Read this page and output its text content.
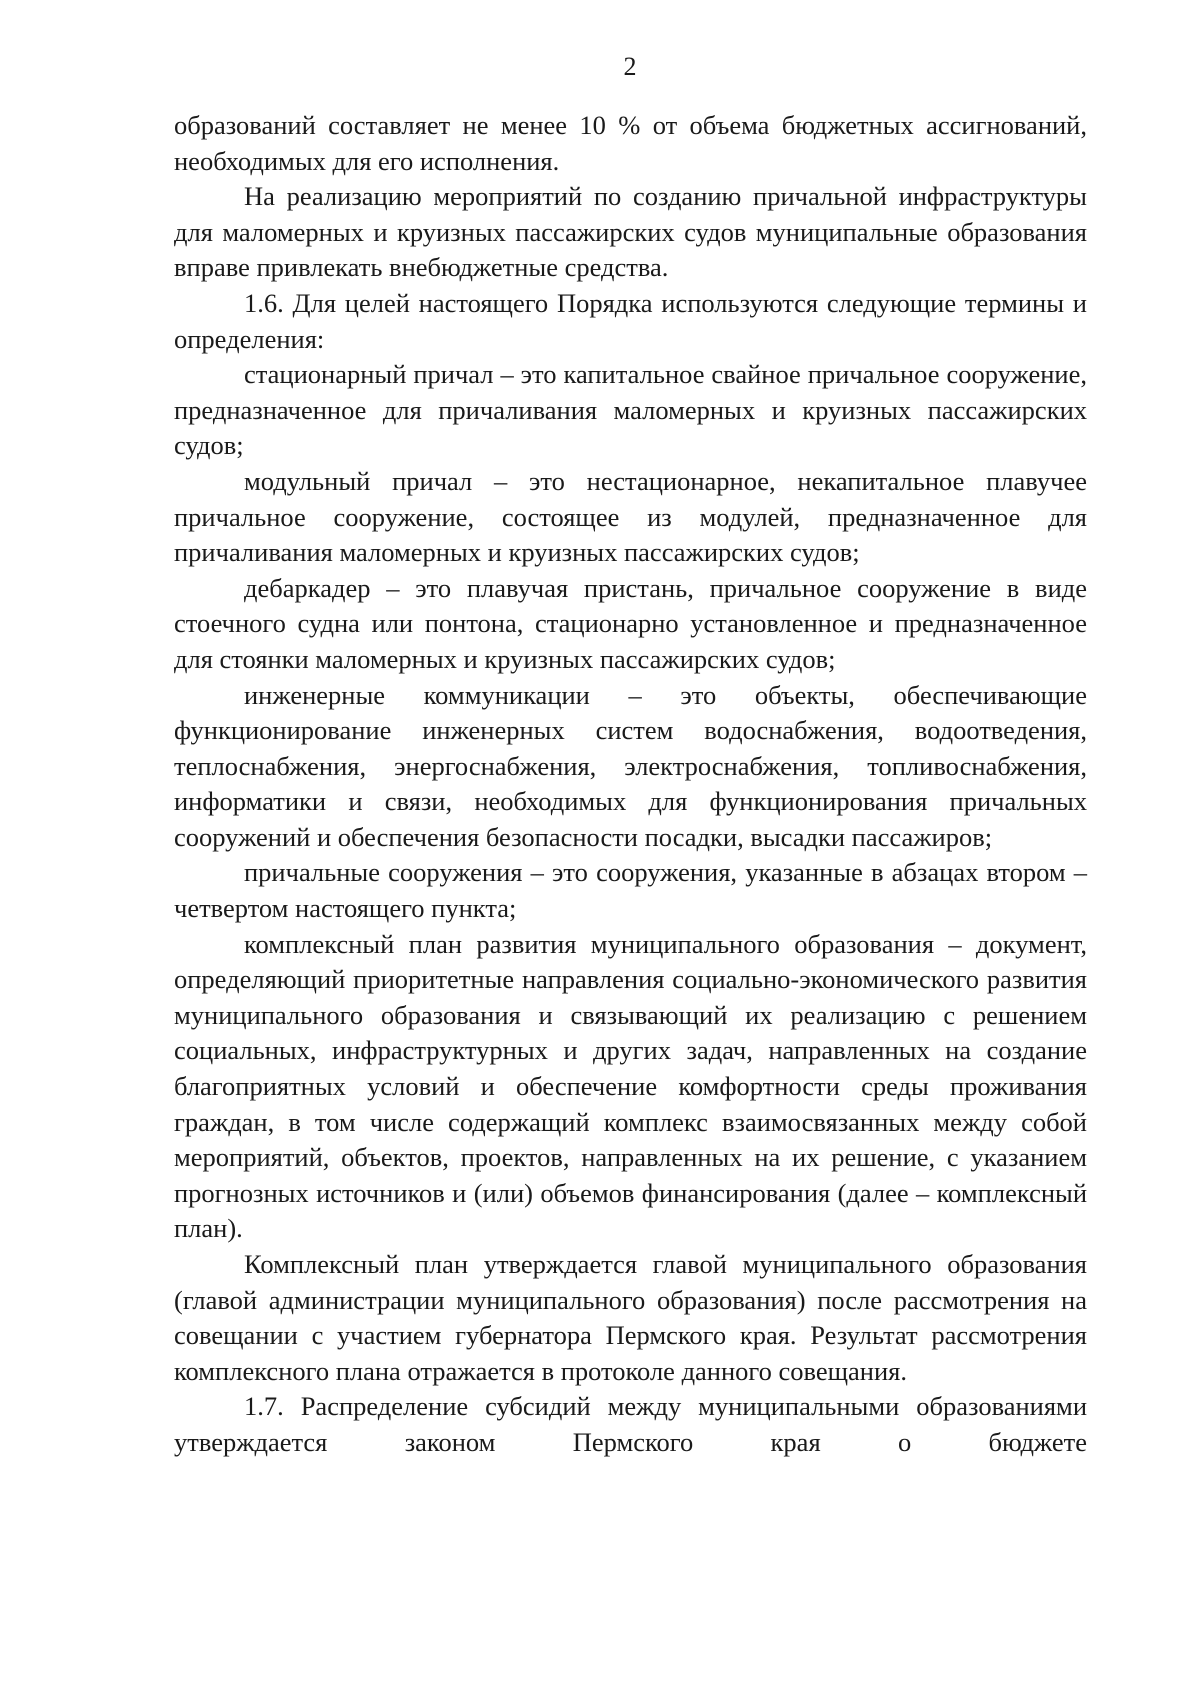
2

образований составляет не менее 10 % от объема бюджетных ассигнований, необходимых для его исполнения.

На реализацию мероприятий по созданию причальной инфраструктуры для маломерных и круизных пассажирских судов муниципальные образования вправе привлекать внебюджетные средства.

1.6. Для целей настоящего Порядка используются следующие термины и определения:

стационарный причал – это капитальное свайное причальное сооружение, предназначенное для причаливания маломерных и круизных пассажирских судов;

модульный причал – это нестационарное, некапитальное плавучее причальное сооружение, состоящее из модулей, предназначенное для причаливания маломерных и круизных пассажирских судов;

дебаркадер – это плавучая пристань, причальное сооружение в виде стоечного судна или понтона, стационарно установленное и предназначенное для стоянки маломерных и круизных пассажирских судов;

инженерные коммуникации – это объекты, обеспечивающие функционирование инженерных систем водоснабжения, водоотведения, теплоснабжения, энергоснабжения, электроснабжения, топливоснабжения, информатики и связи, необходимых для функционирования причальных сооружений и обеспечения безопасности посадки, высадки пассажиров;

причальные сооружения – это сооружения, указанные в абзацах втором – четвертом настоящего пункта;

комплексный план развития муниципального образования – документ, определяющий приоритетные направления социально-экономического развития муниципального образования и связывающий их реализацию с решением социальных, инфраструктурных и других задач, направленных на создание благоприятных условий и обеспечение комфортности среды проживания граждан, в том числе содержащий комплекс взаимосвязанных между собой мероприятий, объектов, проектов, направленных на их решение, с указанием прогнозных источников и (или) объемов финансирования (далее – комплексный план).

Комплексный план утверждается главой муниципального образования (главой администрации муниципального образования) после рассмотрения на совещании с участием губернатора Пермского края. Результат рассмотрения комплексного плана отражается в протоколе данного совещания.

1.7. Распределение субсидий между муниципальными образованиями утверждается законом Пермского края о бюджете
